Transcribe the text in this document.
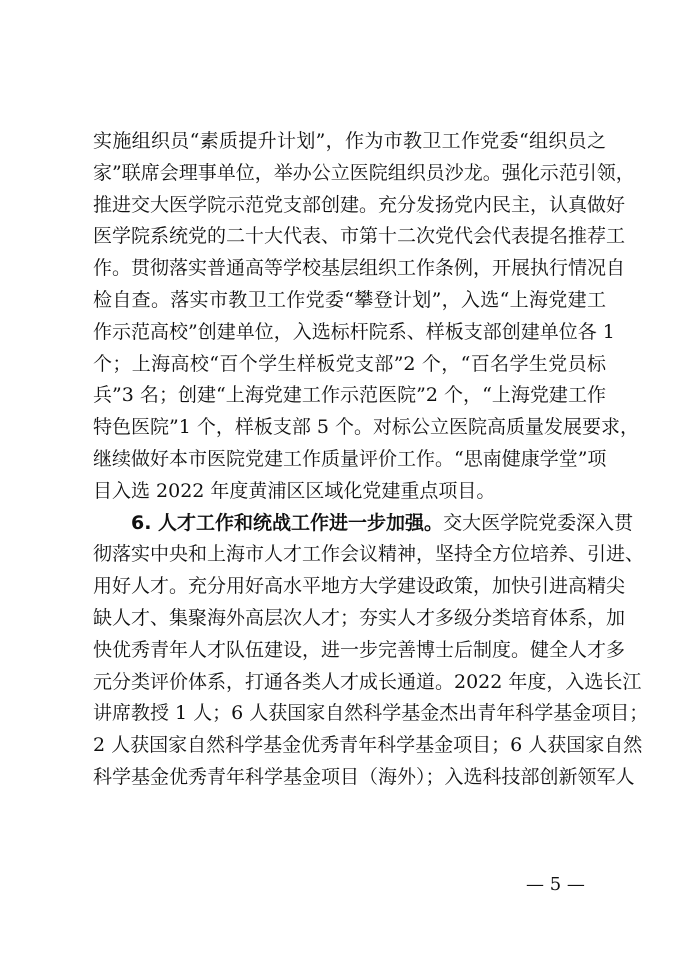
实施组织员“素质提升计划”，作为市教卫工作党委“组织员之
家”联席会理事单位，举办公立医院组织员沙龙。强化示范引领，
推进交大医学院示范党支部创建。充分发扬党内民主，认真做好
医学院系统党的二十大代表、市第十二次党代会代表提名推荐工
作。贯彻落实普通高等学校基层组织工作条例，开展执行情况自
检自查。落实市教卫工作党委“攀登计划”，入选“上海党建工
作示范高校”创建单位，入选标杆院系、样板支部创建单位各 1
个；上海高校“百个学生样板党支部”2 个，“百名学生党员标
兵”3 名；创建“上海党建工作示范医院”2 个，“上海党建工作
特色医院”1 个，样板支部 5 个。对标公立医院高质量发展要求，
继续做好本市医院党建工作质量评价工作。“思南健康学堂”项
目入选 2022 年度黄浦区区域化党建重点项目。
6. 人才工作和统战工作进一步加强。交大医学院党委深入贯
彻落实中央和上海市人才工作会议精神，坚持全方位培养、引进、
用好人才。充分用好高水平地方大学建设政策，加快引进高精尖
缺人才、集聚海外高层次人才；夯实人才多级分类培育体系，加
快优秀青年人才队伍建设，进一步完善博士后制度。健全人才多
元分类评价体系，打通各类人才成长通道。2022 年度，入选长江
讲席教授 1 人；6 人获国家自然科学基金杰出青年科学基金项目；
2 人获国家自然科学基金优秀青年科学基金项目；6 人获国家自然
科学基金优秀青年科学基金项目（海外）；入选科技部创新领军人
— 5 —
